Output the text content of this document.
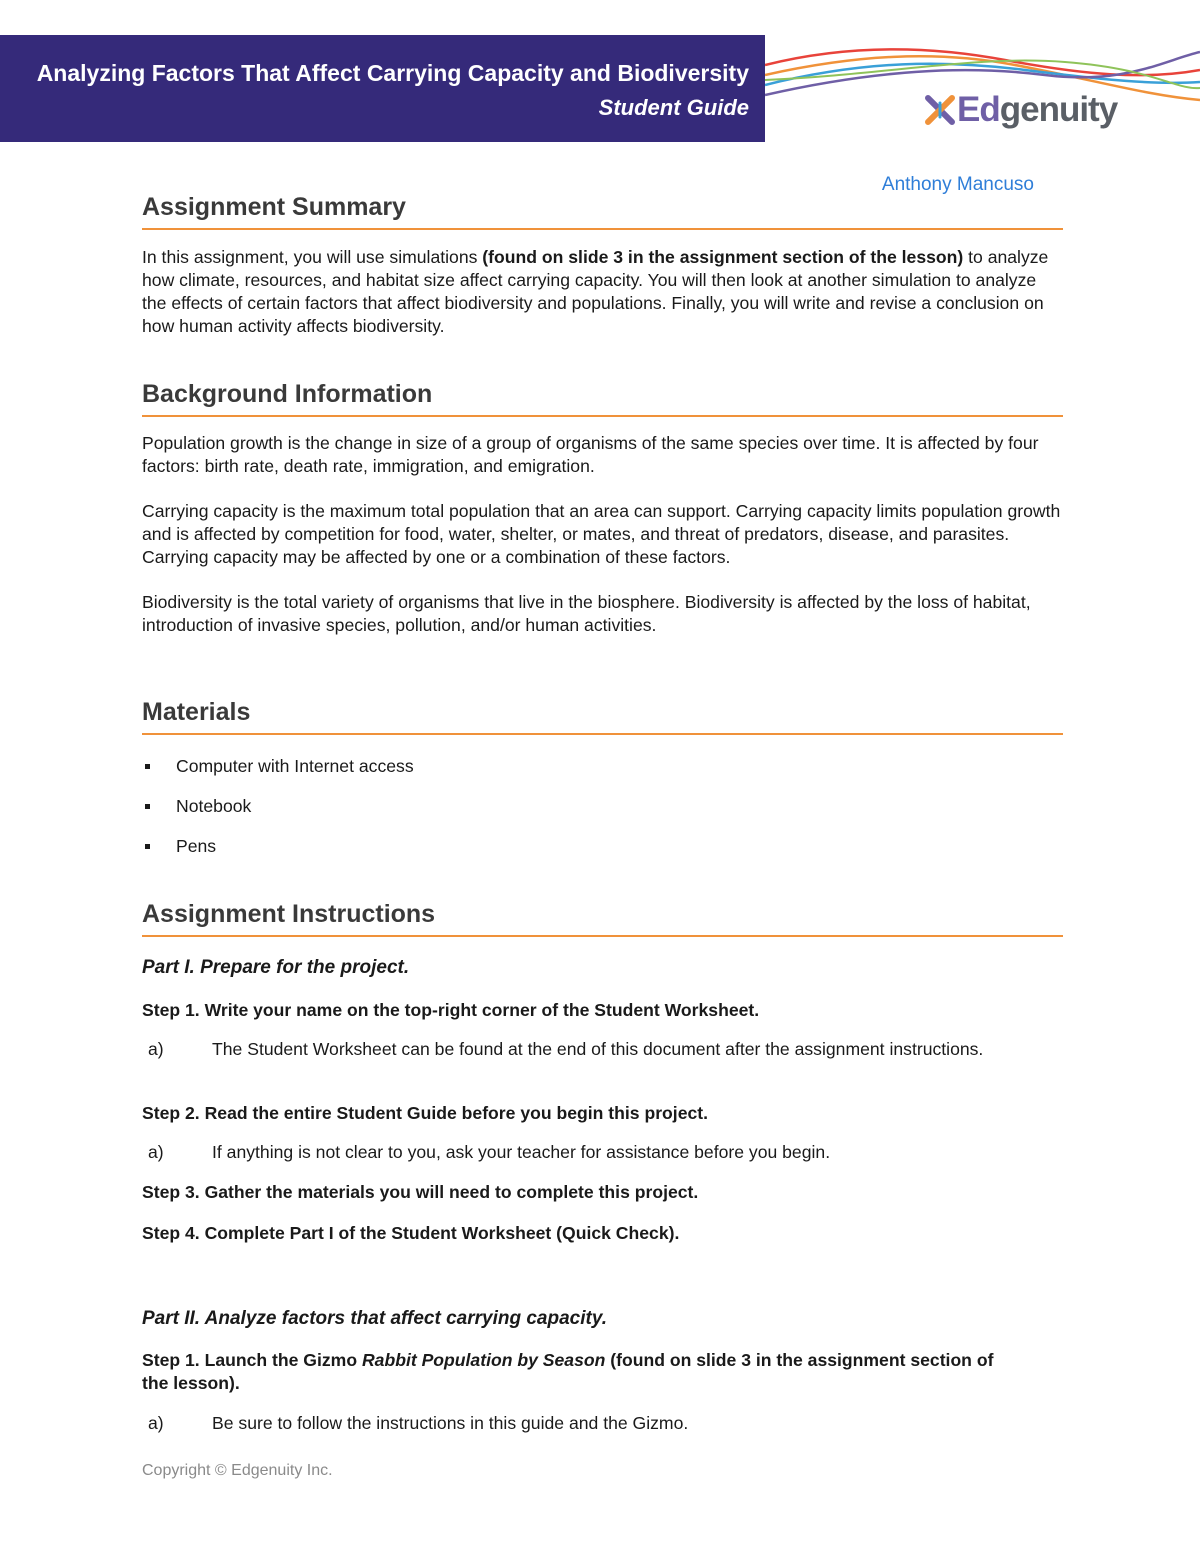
Analyzing Factors That Affect Carrying Capacity and Biodiversity
Student Guide	Edgenuity
Anthony Mancuso
Assignment Summary

In this assignment, you will use simulations (found on slide 3 in the assignment section of the lesson) to analyze how climate, resources, and habitat size affect carrying capacity. You will then look at another simulation to analyze the effects of certain factors that affect biodiversity and populations. Finally, you will write and revise a conclusion on how human activity affects biodiversity.

Background Information

Population growth is the change in size of a group of organisms of the same species over time. It is affected by four factors: birth rate, death rate, immigration, and emigration.

Carrying capacity is the maximum total population that an area can support. Carrying capacity limits population growth and is affected by competition for food, water, shelter, or mates, and threat of predators, disease, and parasites. Carrying capacity may be affected by one or a combination of these factors.

Biodiversity is the total variety of organisms that live in the biosphere. Biodiversity is affected by the loss of habitat, introduction of invasive species, pollution, and/or human activities.

Materials
Computer with Internet access
Notebook
Pens
Assignment Instructions
Part I. Prepare for the project.
Step 1. Write your name on the top-right corner of the Student Worksheet.
a)	The Student Worksheet can be found at the end of this document after the assignment instructions.
Step 2. Read the entire Student Guide before you begin this project.
a)	If anything is not clear to you, ask your teacher for assistance before you begin.
Step 3. Gather the materials you will need to complete this project.
Step 4. Complete Part I of the Student Worksheet (Quick Check).
Part II. Analyze factors that affect carrying capacity.
Step 1. Launch the Gizmo Rabbit Population by Season (found on slide 3 in the assignment section of the lesson).
a)	Be sure to follow the instructions in this guide and the Gizmo.
Copyright © Edgenuity Inc.
